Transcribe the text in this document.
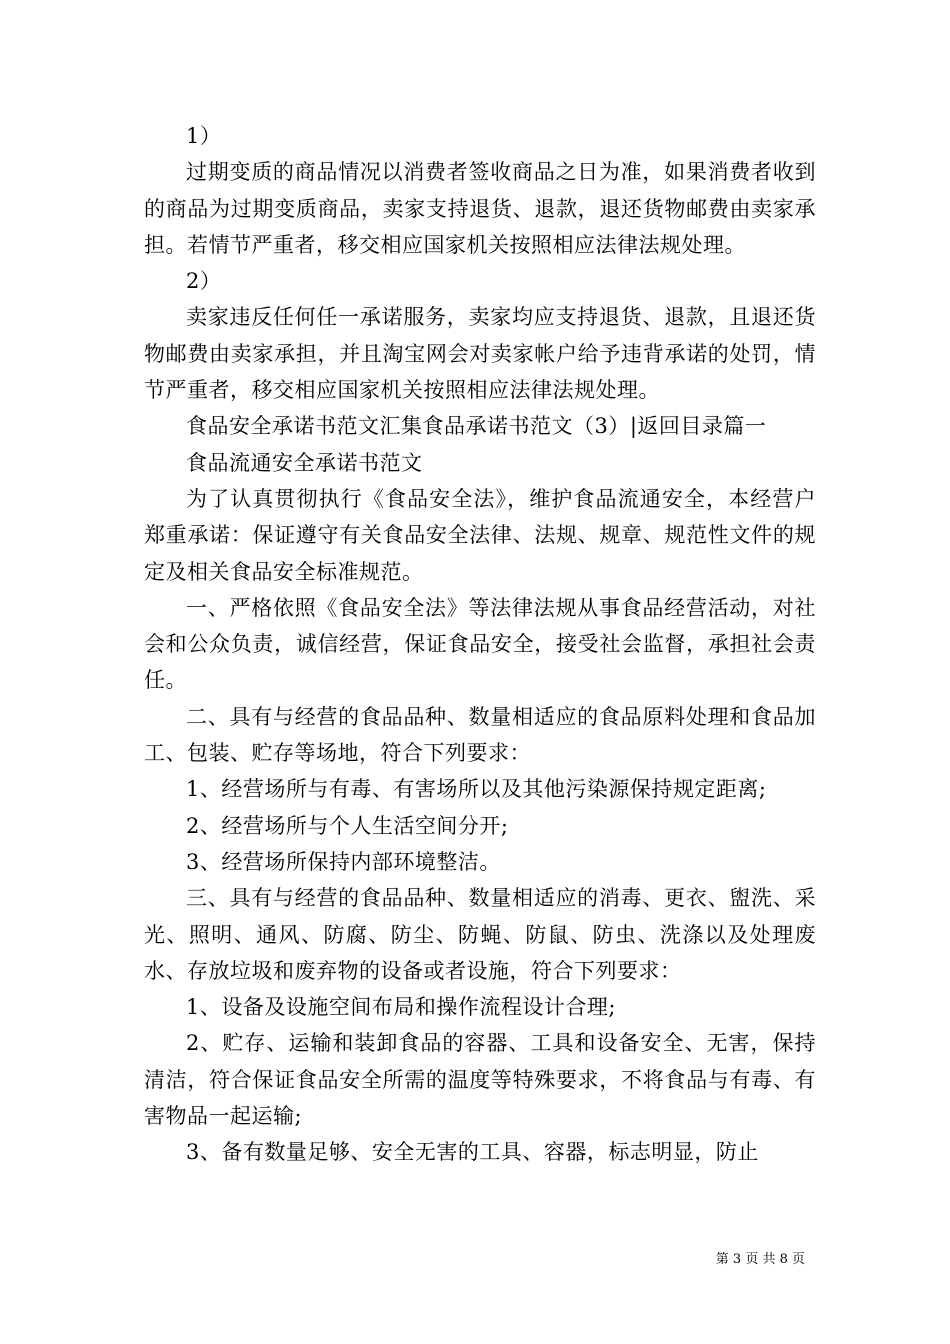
1）

过期变质的商品情况以消费者签收商品之日为准，如果消费者收到的商品为过期变质商品，卖家支持退货、退款，退还货物邮费由卖家承担。若情节严重者，移交相应国家机关按照相应法律法规处理。

2）

卖家违反任何任一承诺服务，卖家均应支持退货、退款，且退还货物邮费由卖家承担，并且淘宝网会对卖家帐户给予违背承诺的处罚，情节严重者，移交相应国家机关按照相应法律法规处理。

食品安全承诺书范文汇集食品承诺书范文（3）|返回目录篇一

食品流通安全承诺书范文

为了认真贯彻执行《食品安全法》，维护食品流通安全，本经营户郑重承诺：保证遵守有关食品安全法律、法规、规章、规范性文件的规定及相关食品安全标准规范。

一、严格依照《食品安全法》等法律法规从事食品经营活动，对社会和公众负责，诚信经营，保证食品安全，接受社会监督，承担社会责任。

二、具有与经营的食品品种、数量相适应的食品原料处理和食品加工、包装、贮存等场地，符合下列要求：

1、经营场所与有毒、有害场所以及其他污染源保持规定距离;

2、经营场所与个人生活空间分开;

3、经营场所保持内部环境整洁。

三、具有与经营的食品品种、数量相适应的消毒、更衣、盥洗、采光、照明、通风、防腐、防尘、防蝇、防鼠、防虫、洗涤以及处理废水、存放垃圾和废弃物的设备或者设施，符合下列要求：

1、设备及设施空间布局和操作流程设计合理;

2、贮存、运输和装卸食品的容器、工具和设备安全、无害，保持清洁，符合保证食品安全所需的温度等特殊要求，不将食品与有毒、有害物品一起运输;

3、备有数量足够、安全无害的工具、容器，标志明显，防止

第 3 页 共 8 页
